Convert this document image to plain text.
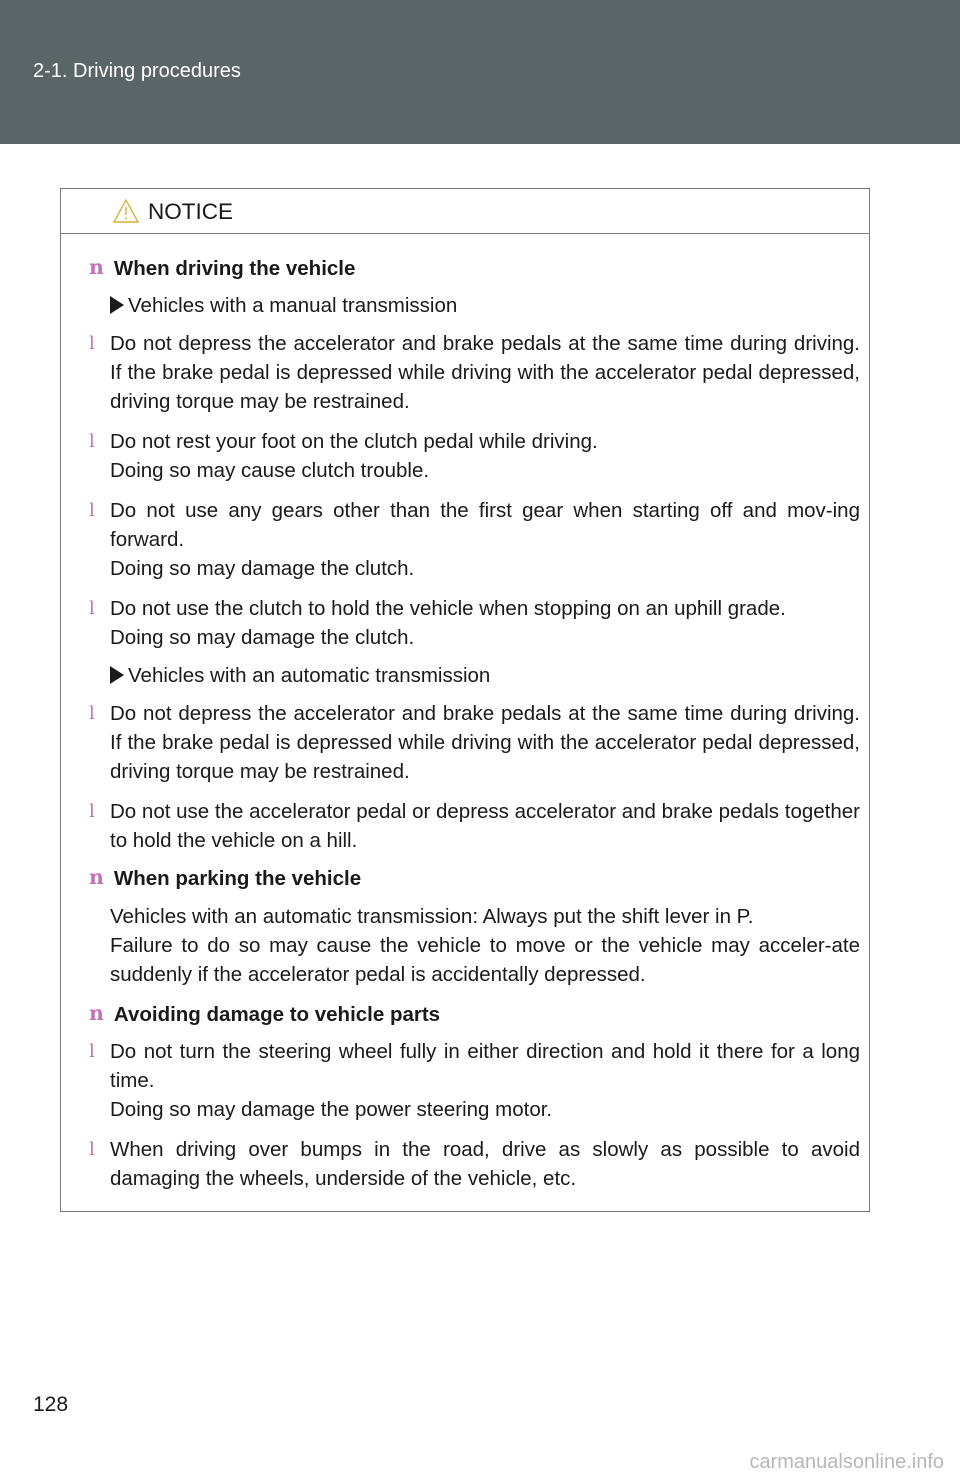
2-1. Driving procedures
NOTICE
n When driving the vehicle
Vehicles with a manual transmission
l Do not depress the accelerator and brake pedals at the same time during driving. If the brake pedal is depressed while driving with the accelerator pedal depressed, driving torque may be restrained.

l Do not rest your foot on the clutch pedal while driving.

Doing so may cause clutch trouble.

l Do not use any gears other than the first gear when starting off and mov-ing forward.

Doing so may damage the clutch.

l Do not use the clutch to hold the vehicle when stopping on an uphill grade.

Doing so may damage the clutch.

Vehicles with an automatic transmission
l Do not depress the accelerator and brake pedals at the same time during driving. If the brake pedal is depressed while driving with the accelerator pedal depressed, driving torque may be restrained.

l Do not use the accelerator pedal or depress accelerator and brake pedals together to hold the vehicle on a hill.

n When parking the vehicle

Vehicles with an automatic transmission: Always put the shift lever in P.

Failure to do so may cause the vehicle to move or the vehicle may acceler-ate suddenly if the accelerator pedal is accidentally depressed.

n Avoiding damage to vehicle parts
l Do not turn the steering wheel fully in either direction and hold it there for a long time.

Doing so may damage the power steering motor.

l When driving over bumps in the road, drive as slowly as possible to avoid damaging the wheels, underside of the vehicle, etc.

128
carmanualsonline.info
